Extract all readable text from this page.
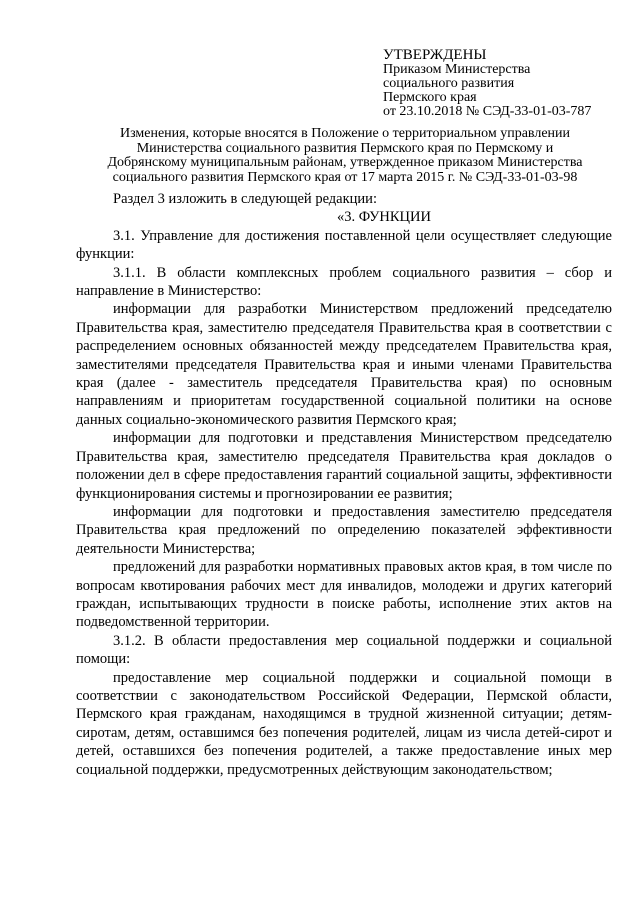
УТВЕРЖДЕНЫ
Приказом Министерства
социального развития
Пермского края
от 23.10.2018 № СЭД-33-01-03-787
Изменения, которые вносятся в Положение о территориальном управлении
Министерства социального развития Пермского края по Пермскому и
Добрянскому муниципальным районам, утвержденное приказом Министерства
социального развития Пермского края от 17 марта 2015 г. № СЭД-33-01-03-98

Раздел 3 изложить в следующей редакции:

«3. ФУНКЦИИ

3.1. Управление для достижения поставленной цели осуществляет следующие функции:

3.1.1. В области комплексных проблем социального развития – сбор и направление в Министерство:

информации для разработки Министерством предложений председателю Правительства края, заместителю председателя Правительства края в соответствии с распределением основных обязанностей между председателем Правительства края, заместителями председателя Правительства края и иными членами Правительства края (далее - заместитель председателя Правительства края) по основным направлениям и приоритетам государственной социальной политики на основе данных социально-экономического развития Пермского края;

информации для подготовки и представления Министерством председателю Правительства края, заместителю председателя Правительства края докладов о положении дел в сфере предоставления гарантий социальной защиты, эффективности функционирования системы и прогнозировании ее развития;

информации для подготовки и предоставления заместителю председателя Правительства края предложений по определению показателей эффективности деятельности Министерства;

предложений для разработки нормативных правовых актов края, в том числе по вопросам квотирования рабочих мест для инвалидов, молодежи и других категорий граждан, испытывающих трудности в поиске работы, исполнение этих актов на подведомственной территории.

3.1.2. В области предоставления мер социальной поддержки и социальной помощи:

предоставление мер социальной поддержки и социальной помощи в соответствии с законодательством Российской Федерации, Пермской области, Пермского края гражданам, находящимся в трудной жизненной ситуации; детям-сиротам, детям, оставшимся без попечения родителей, лицам из числа детей-сирот и детей, оставшихся без попечения родителей, а также предоставление иных мер социальной поддержки, предусмотренных действующим законодательством;
